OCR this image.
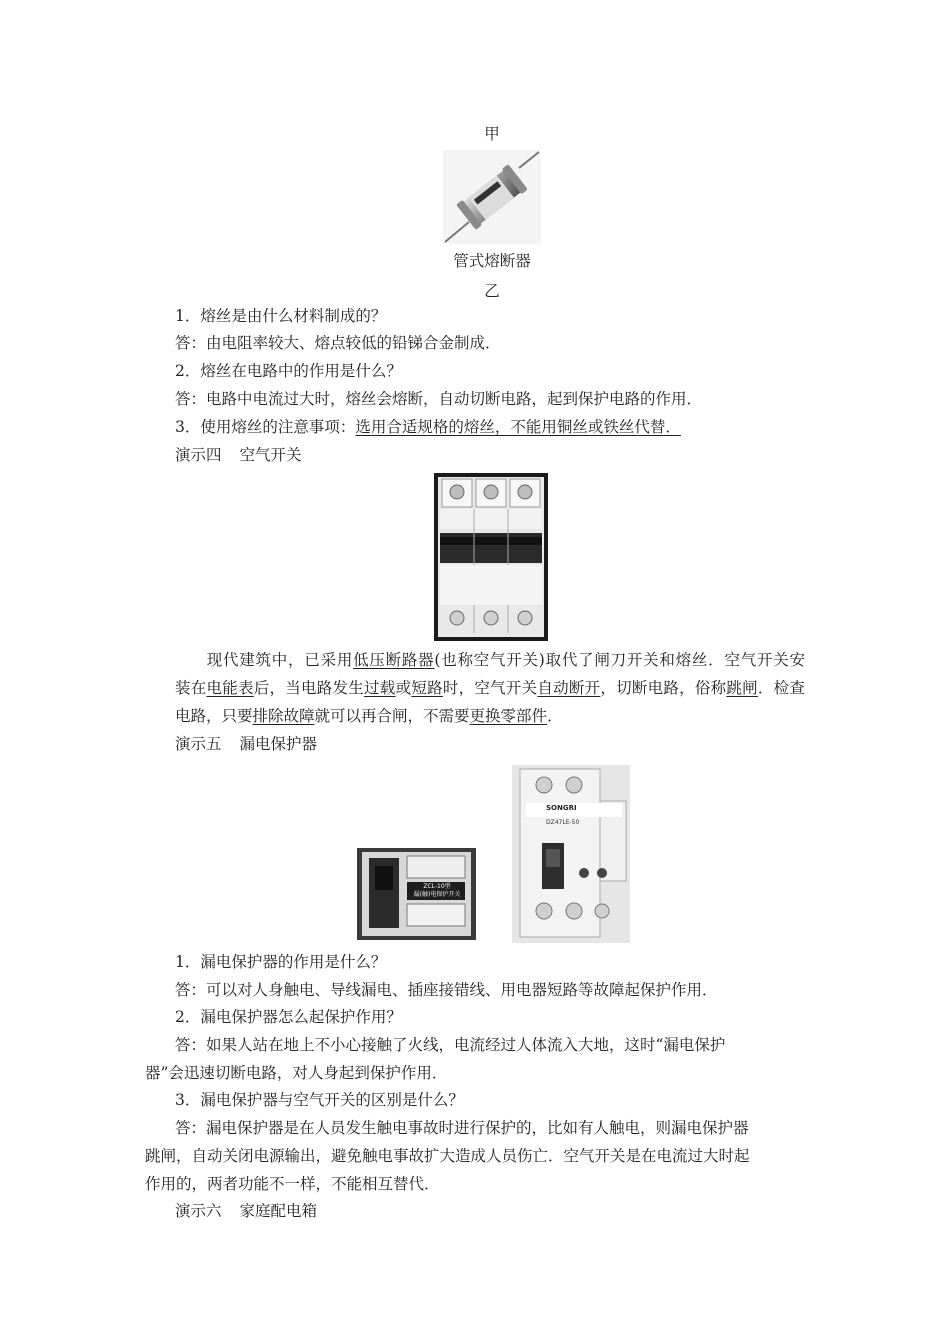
甲
管式熔断器
乙
1．熔丝是由什么材料制成的？
答：由电阻率较大、熔点较低的铅锑合金制成．
2．熔丝在电路中的作用是什么？
答：电路中电流过大时，熔丝会熔断，自动切断电路，起到保护电路的作用．
3．使用熔丝的注意事项：选用合适规格的熔丝，不能用铜丝或铁丝代替．
演示四 空气开关
现代建筑中，已采用低压断路器(也称空气开关)取代了闸刀开关和熔丝．空气开关安
装在电能表后，当电路发生过载或短路时，空气开关自动断开，切断电路，俗称跳闸．检查
电路，只要排除故障就可以再合闸，不需要更换零部件．
演示五 漏电保护器
ZCL-10型
漏(触)电保护开关
SONGRI
DZ47LE-50
1．漏电保护器的作用是什么？
答：可以对人身触电、导线漏电、插座接错线、用电器短路等故障起保护作用．
2．漏电保护器怎么起保护作用？
答：如果人站在地上不小心接触了火线，电流经过人体流入大地，这时“漏电保护
器”会迅速切断电路，对人身起到保护作用．
3．漏电保护器与空气开关的区别是什么？
答：漏电保护器是在人员发生触电事故时进行保护的，比如有人触电，则漏电保护器
跳闸，自动关闭电源输出，避免触电事故扩大造成人员伤亡．空气开关是在电流过大时起
作用的，两者功能不一样，不能相互替代．
演示六 家庭配电箱
